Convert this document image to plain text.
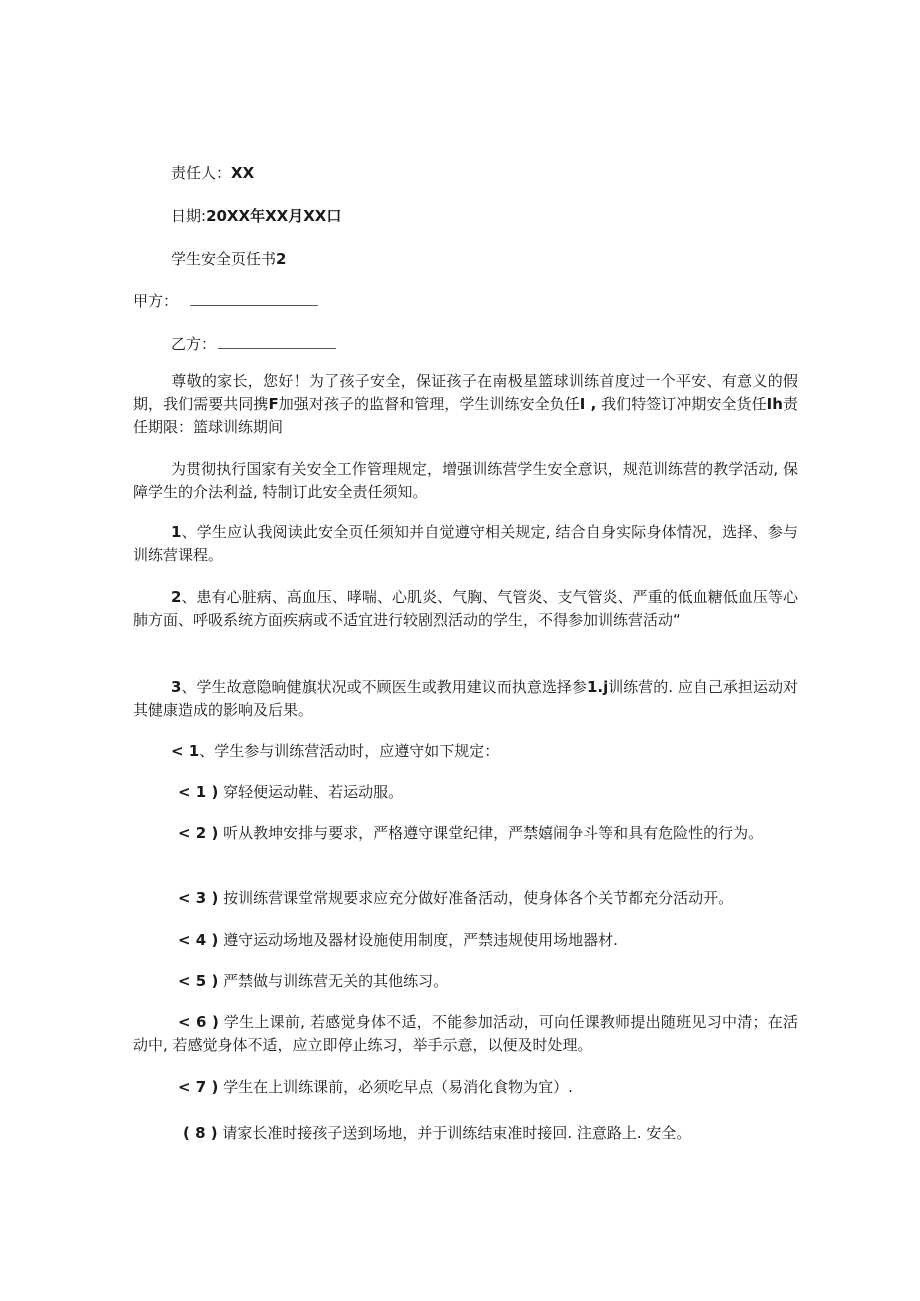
责任人：XX
日期:20XX年XX月XX口
学生安全页任书2
甲方：
乙方：
尊敬的家长，您好！为了孩子安全，保证孩子在南极星篮球训练首度过一个平安、有意义的假期，我们需要共同携F加强对孩子的监督和管理，学生训练安全负任I , 我们特签订冲期安全货任Ih责任期限：篮球训练期间
为贯彻执行国家有关安全工作管理规定，增强训练营学生安全意识，规范训练营的教学活动, 保障学生的介法利益, 特制订此安全责任须知。
1、学生应认我阅读此安全页任须知并自觉遵守相关规定, 结合自身实际身体情况，选择、参与训练营课程。
2、患有心脏病、高血压、哮喘、心肌炎、气胸、气管炎、支气管炎、严重的低血糖低血压等心肺方面、呼吸系统方面疾病或不适宜进行较剧烈活动的学生，不得参加训练营活动“
3、学生故意隐晌健旗状况或不顾医生或教用建议而执意选择参1.j训练营的. 应自己承担运动对其健康造成的影响及后果。
< 1、学生参与训练营活动时，应遵守如下规定：
< 1 ) 穿轻便运动鞋、若运动服。
< 2 ) 听从教坤安排与要求，严格遵守课堂纪律，严禁嬉闹争斗等和具有危险性的行为。
< 3 ) 按训练营课堂常规要求应充分做好准备活动，使身体各个关节都充分活动开。
< 4 ) 遵守运动场地及器材设施使用制度，严禁违规使用场地器材.
< 5 ) 严禁做与训练营无关的其他练习。
< 6 ) 学生上课前, 若感觉身体不适，不能参加活动，可向任课教师提出随班见习中清；在活动中, 若感觉身体不适，应立即停止练习，举手示意，以便及时处理。
< 7 ) 学生在上训练课前，必须吃早点（易消化食物为宜）.
( 8 ) 请家长准时接孩子送到场地，并于训练结束准时接回. 注意路上. 安全。
